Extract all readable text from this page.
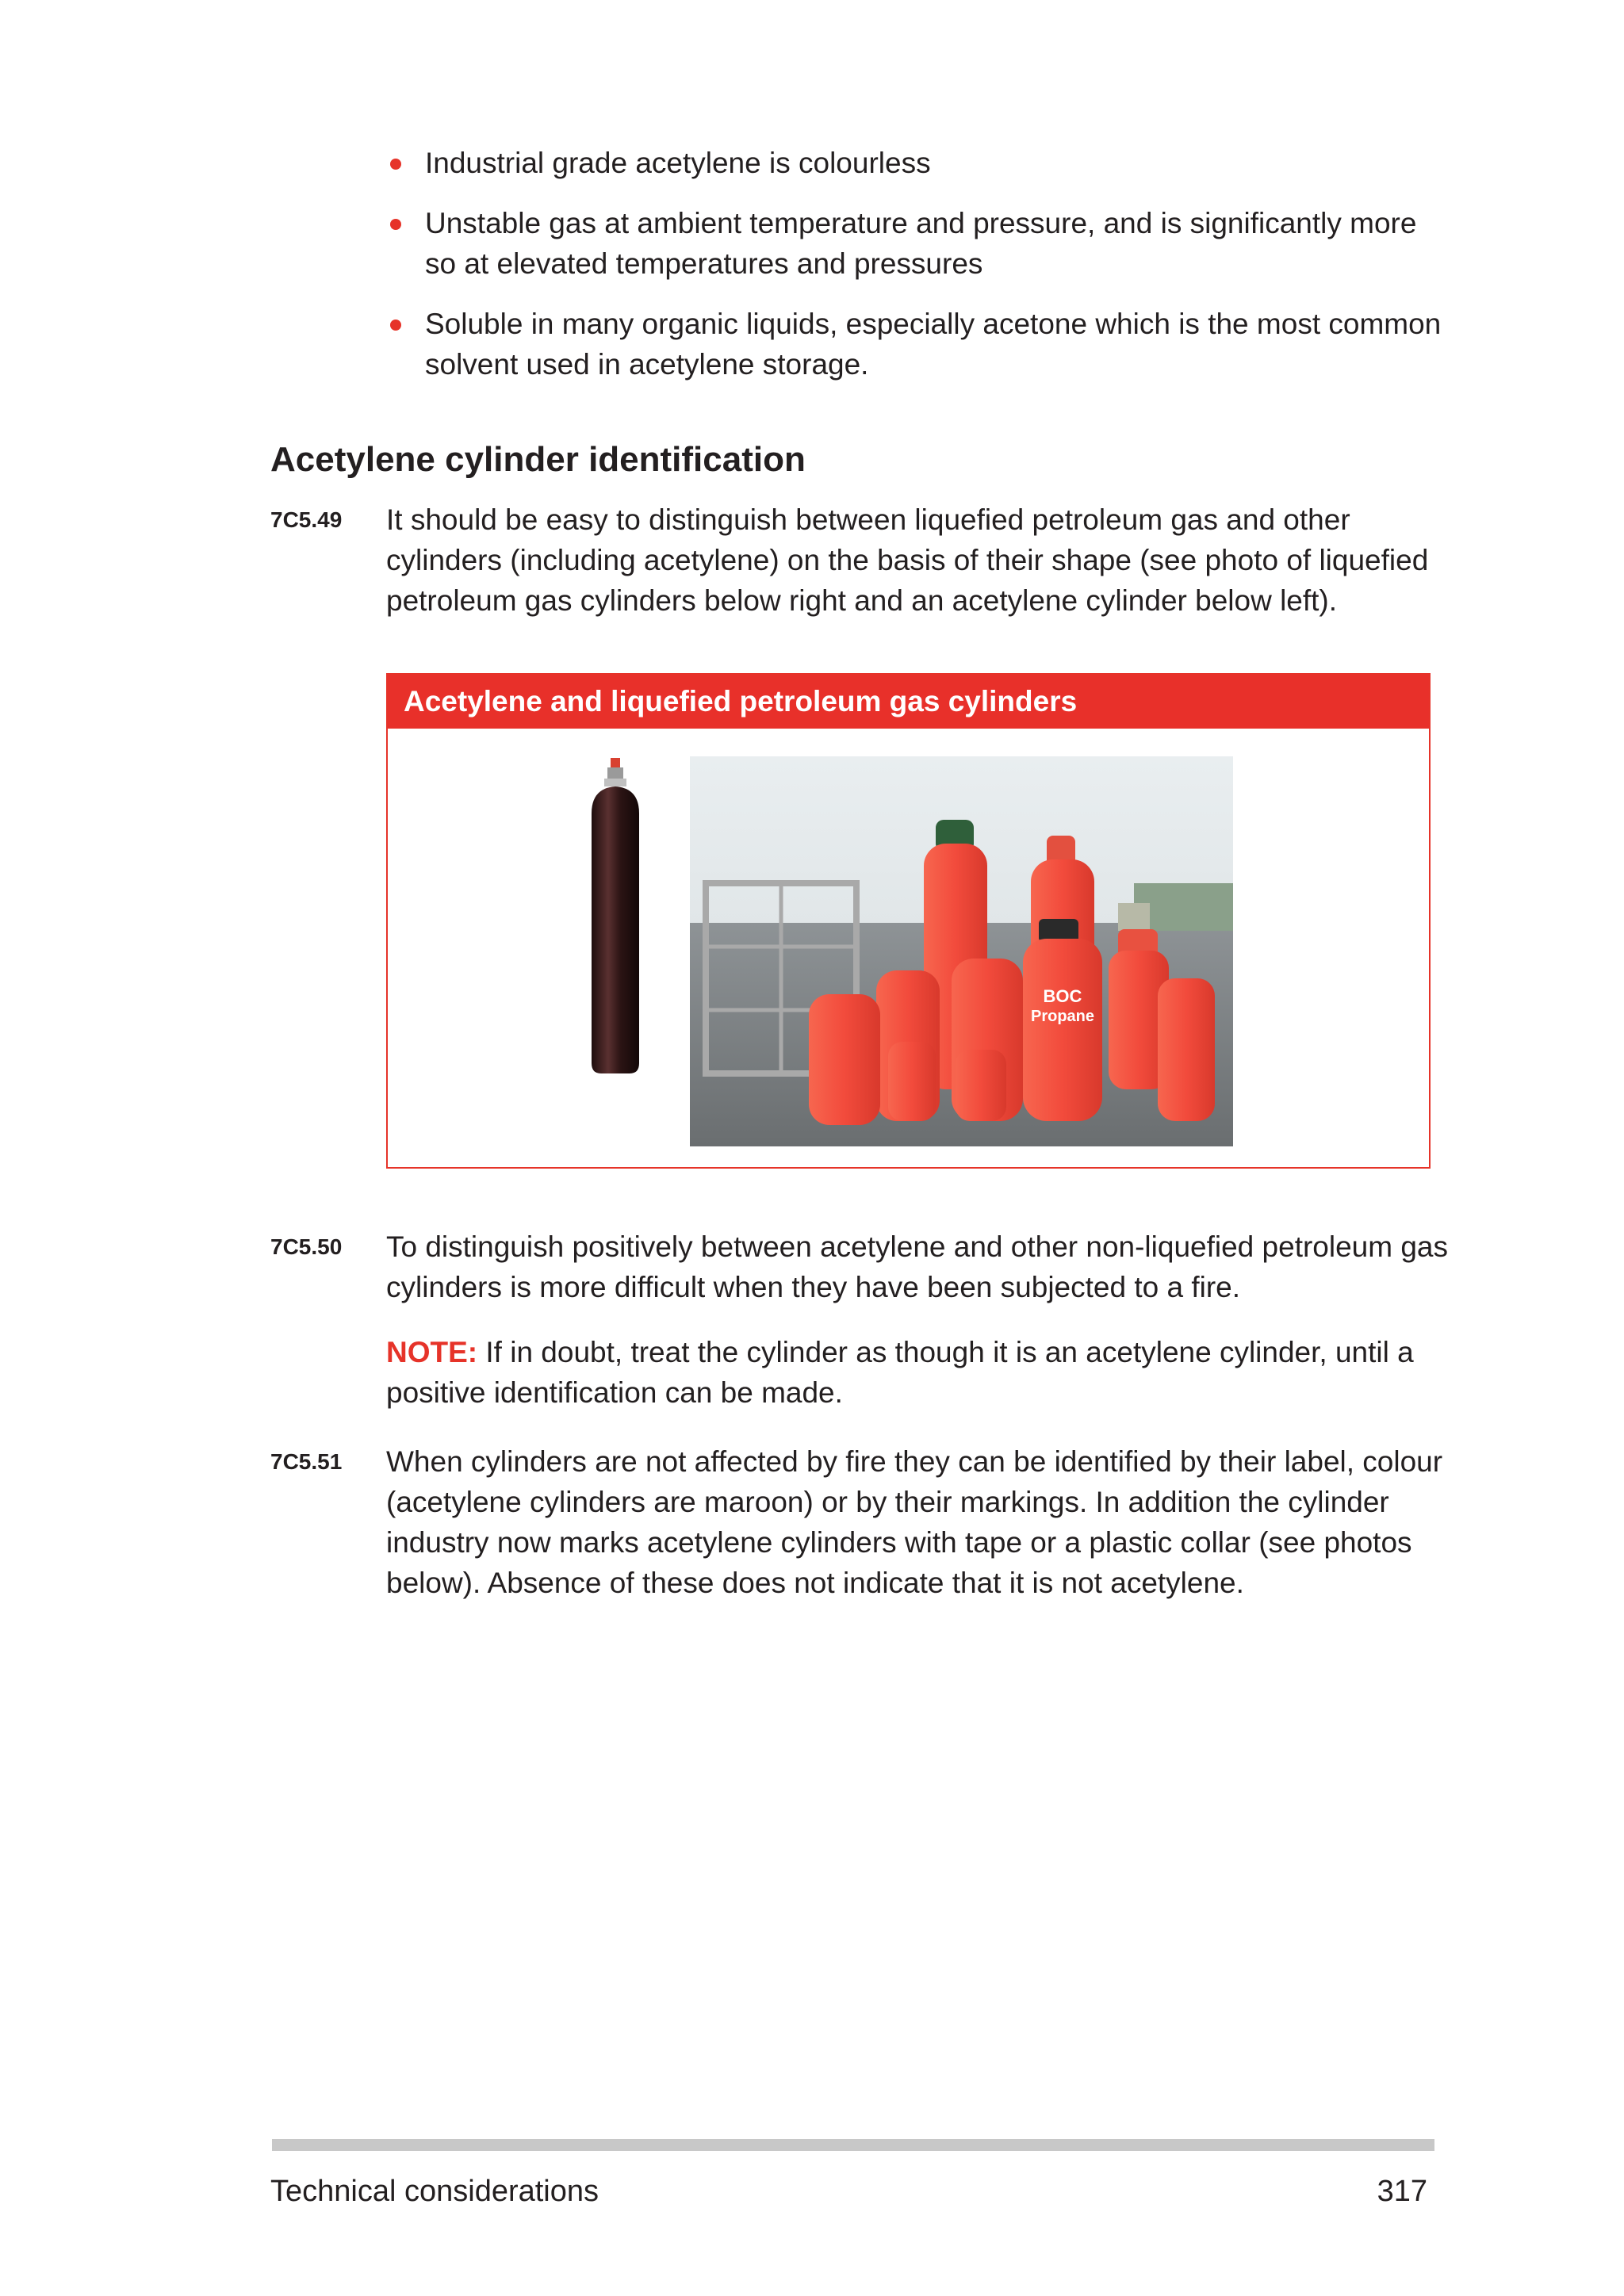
Industrial grade acetylene is colourless
Unstable gas at ambient temperature and pressure, and is significantly more so at elevated temperatures and pressures
Soluble in many organic liquids, especially acetone which is the most common solvent used in acetylene storage.
Acetylene cylinder identification
7C5.49	It should be easy to distinguish between liquefied petroleum gas and other cylinders (including acetylene) on the basis of their shape (see photo of liquefied petroleum gas cylinders below right and an acetylene cylinder below left).
Acetylene and liquefied petroleum gas cylinders
BOC
Propane
7C5.50	To distinguish positively between acetylene and other non-liquefied petroleum gas cylinders is more difficult when they have been subjected to a fire.
NOTE: If in doubt, treat the cylinder as though it is an acetylene cylinder, until a positive identification can be made.
7C5.51	When cylinders are not affected by fire they can be identified by their label, colour (acetylene cylinders are maroon) or by their markings. In addition the cylinder industry now marks acetylene cylinders with tape or a plastic collar (see photos below). Absence of these does not indicate that it is not acetylene.
Technical considerations	317
